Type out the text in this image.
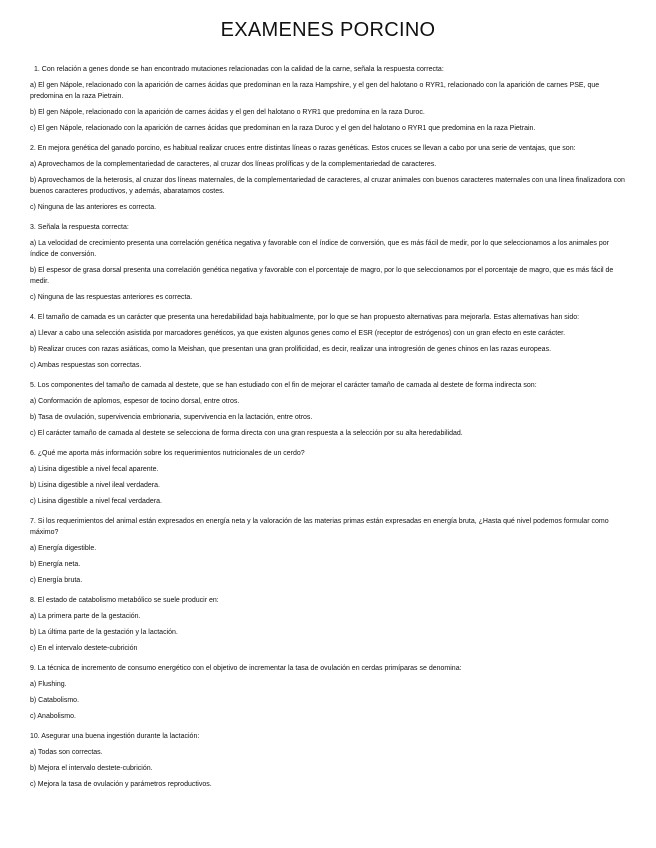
EXAMENES PORCINO
1. Con relación a genes donde se han encontrado mutaciones relacionadas con la calidad de la carne, señala la respuesta correcta:
a) El gen Nápole, relacionado con la aparición de carnes ácidas que predominan en la raza Hampshire, y el gen del halotano o RYR1, relacionado con la aparición de carnes PSE, que predomina en la raza Pietrain.
b) El gen Nápole, relacionado con la aparición de carnes ácidas y el gen del halotano o RYR1 que predomina en la raza Duroc.
c) El gen Nápole, relacionado con la aparición de carnes ácidas que predominan en la raza Duroc y el gen del halotano o RYR1 que predomina en la raza Pietrain.
2. En mejora genética del ganado porcino, es habitual realizar cruces entre distintas líneas o razas genéticas. Estos cruces se llevan a cabo por una serie de ventajas, que son:
a) Aprovechamos de la complementariedad de caracteres, al cruzar dos líneas prolíficas y de la complementariedad de caracteres.
b) Aprovechamos de la heterosis, al cruzar dos líneas maternales, de la complementariedad de caracteres, al cruzar animales con buenos caracteres maternales con una línea finalizadora con buenos caracteres productivos, y además, abaratamos costes.
c) Ninguna de las anteriores es correcta.
3. Señala la respuesta correcta:
a) La velocidad de crecimiento presenta una correlación genética negativa y favorable con el índice de conversión, que es más fácil de medir, por lo que seleccionamos a los animales por índice de conversión.
b) El espesor de grasa dorsal presenta una correlación genética negativa y favorable con el porcentaje de magro, por lo que seleccionamos por el porcentaje de magro, que es más fácil de medir.
c) Ninguna de las respuestas anteriores es correcta.
4. El tamaño de camada es un carácter que presenta una heredabilidad baja habitualmente, por lo que se han propuesto alternativas para mejorarla. Estas alternativas han sido:
a) Llevar a cabo una selección asistida por marcadores genéticos, ya que existen algunos genes como el ESR (receptor de estrógenos) con un gran efecto en este carácter.
b) Realizar cruces con razas asiáticas, como la Meishan, que presentan una gran prolificidad, es decir, realizar una introgresión de genes chinos en las razas europeas.
c) Ambas respuestas son correctas.
5. Los componentes del tamaño de camada al destete, que se han estudiado con el fin de mejorar el carácter tamaño de camada al destete de forma indirecta son:
a) Conformación de aplomos, espesor de tocino dorsal, entre otros.
b) Tasa de ovulación, supervivencia embrionaria, supervivencia en la lactación, entre otros.
c) El carácter tamaño de camada al destete se selecciona de forma directa con una gran respuesta a la selección por su alta heredabilidad.
6. ¿Qué me aporta más información sobre los requerimientos nutricionales de un cerdo?
a) Lisina digestible a nivel fecal aparente.
b) Lisina digestible a nivel ileal verdadera.
c) Lisina digestible a nivel fecal verdadera.
7. Si los requerimientos del animal están expresados en energía neta y la valoración de las materias primas están expresadas en energía bruta, ¿Hasta qué nivel podemos formular como máximo?
a) Energía digestible.
b) Energía neta.
c) Energía bruta.
8. El estado de catabolismo metabólico se suele producir en:
a) La primera parte de la gestación.
b) La última parte de la gestación y la lactación.
c) En el intervalo destete-cubrición
9. La técnica de incremento de consumo energético con el objetivo de incrementar la tasa de ovulación en cerdas primíparas se denomina:
a) Flushing.
b) Catabolismo.
c) Anabolismo.
10. Asegurar una buena ingestión durante la lactación:
a) Todas son correctas.
b) Mejora el intervalo destete-cubrición.
c) Mejora la tasa de ovulación y parámetros reproductivos.
